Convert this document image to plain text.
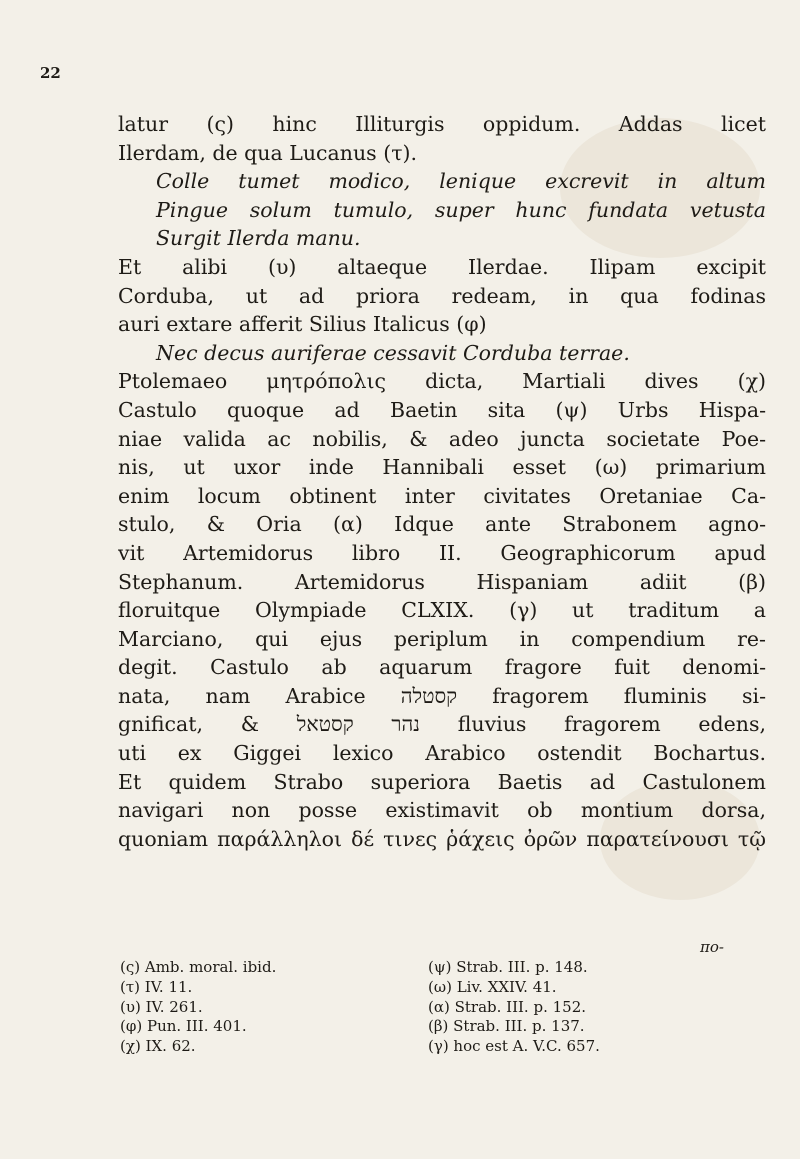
22
latur (ς) hinc Illiturgis oppidum. Addas licet
Ilerdam, de qua Lucanus (τ).
Colle tumet modico, lenique excrevit in altum
Pingue solum tumulo, super hunc fundata vetusta
Surgit Ilerda manu.
Et alibi (υ) altaeque Ilerdae. Ilipam excipit
Corduba, ut ad priora redeam, in qua fodinas
auri extare afferit Silius Italicus (φ)
Nec decus auriferae cessavit Corduba terrae.
Ptolemaeo μητρόπολις dicta, Martiali dives (χ)
Castulo quoque ad Baetin sita (ψ) Urbs Hispa-
niae valida ac nobilis, & adeo juncta societate Poe-
nis, ut uxor inde Hannibali esset (ω) primarium
enim locum obtinent inter civitates Oretaniae Ca-
stulo, & Oria (α) Idque ante Strabonem agno-
vit Artemidorus libro II. Geographicorum apud
Stephanum. Artemidorus Hispaniam adiit (β)
floruitque Olympiade CLXIX. (γ) ut traditum a
Marciano, qui ejus periplum in compendium re-
degit. Castulo ab aquarum fragore fuit denomi-
nata, nam Arabice קסטלה fragorem fluminis si-
gnificat, & נהר קסטאל fluvius fragorem edens,
uti ex Giggei lexico Arabico ostendit Bochartus.
Et quidem Strabo superiora Baetis ad Castulonem
navigari non posse existimavit ob montium dorsa,
quoniam παράλληλοι δέ τινες ῥάχεις ὀρῶν παρατείνουσι τῷ
πο-
(ς) Amb. moral. ibid.
(τ) IV. 11.
(υ) IV. 261.
(φ) Pun. III. 401.
(χ) IX. 62.
(ψ) Strab. III. p. 148.
(ω) Liv. XXIV. 41.
(α) Strab. III. p. 152.
(β) Strab. III. p. 137.
(γ) hoc est A. V.C. 657.
